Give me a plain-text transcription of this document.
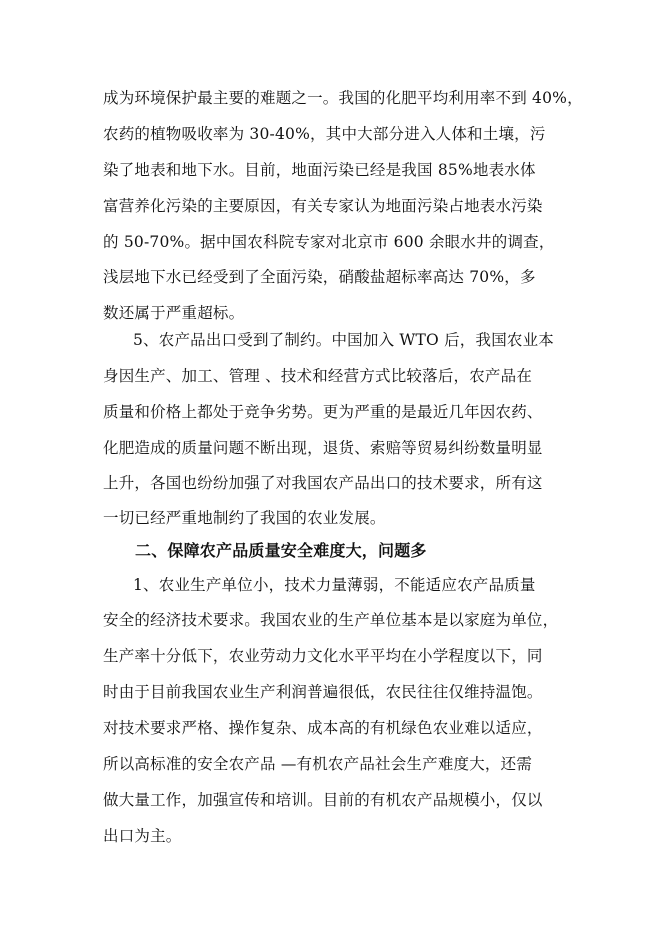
成为环境保护最主要的难题之一。我国的化肥平均利用率不到 40%，
农药的植物吸收率为 30-40%，其中大部分进入人体和土壤，污
染了地表和地下水。目前，地面污染已经是我国 85%地表水体
富营养化污染的主要原因，有关专家认为地面污染占地表水污染
的 50-70%。据中国农科院专家对北京市 600 余眼水井的调查，
浅层地下水已经受到了全面污染，硝酸盐超标率高达 70%，多
数还属于严重超标。
5、农产品出口受到了制约。中国加入 WTO 后，我国农业本
身因生产、加工、管理 、技术和经营方式比较落后，农产品在
质量和价格上都处于竞争劣势。更为严重的是最近几年因农药、
化肥造成的质量问题不断出现，退货、索赔等贸易纠纷数量明显
上升，各国也纷纷加强了对我国农产品出口的技术要求，所有这
一切已经严重地制约了我国的农业发展。
二、保障农产品质量安全难度大，问题多
1、农业生产单位小，技术力量薄弱，不能适应农产品质量
安全的经济技术要求。我国农业的生产单位基本是以家庭为单位，
生产率十分低下，农业劳动力文化水平平均在小学程度以下，同
时由于目前我国农业生产利润普遍很低，农民往往仅维持温饱。
对技术要求严格、操作复杂、成本高的有机绿色农业难以适应，
所以高标准的安全农产品 —有机农产品社会生产难度大，还需
做大量工作，加强宣传和培训。目前的有机农产品规模小，仅以
出口为主。
